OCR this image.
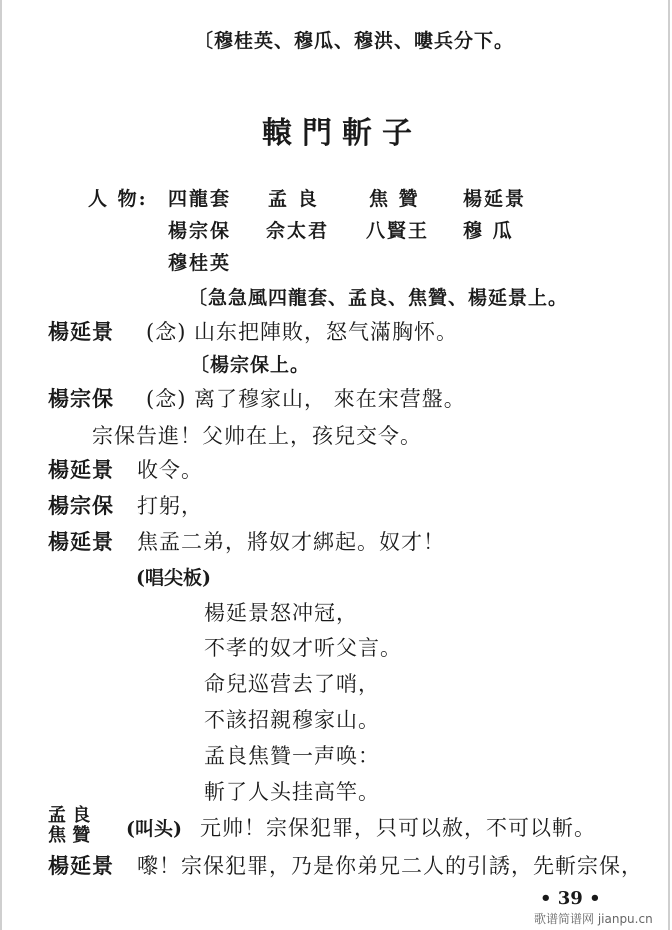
〔穆桂英、穆瓜、穆洪、嘍兵分下。
轅門斬子
人 物: 四龍套 孟 良	焦 贊 楊延景
楊宗保 佘太君 八賢王 穆 瓜
穆桂英
〔急急風四龍套、孟良、焦贊、楊延景上。
楊延景 (念) 山东把陣敗，怒气滿胸怀。
〔楊宗保上。
楊宗保 (念) 离了穆家山， 來在宋营盤。
宗保告進！父帅在上，孩兒交令。
楊延景 收令。
楊宗保 打躬，
楊延景 焦孟二弟，將奴才綁起。奴才！
(唱尖板)
楊延景怒冲冠，
不孝的奴才听父言。
命兒巡营去了哨，
不該招親穆家山。
孟良焦贊一声唤：
斬了人头挂高竿。
孟 良
焦 贊 (叫头) 元帅！宗保犯罪，只可以赦，不可以斬。
楊延景 嚟！宗保犯罪，乃是你弟兄二人的引誘，先斬宗保，
• 39 •
歌谱简谱网 jianpu.cn
